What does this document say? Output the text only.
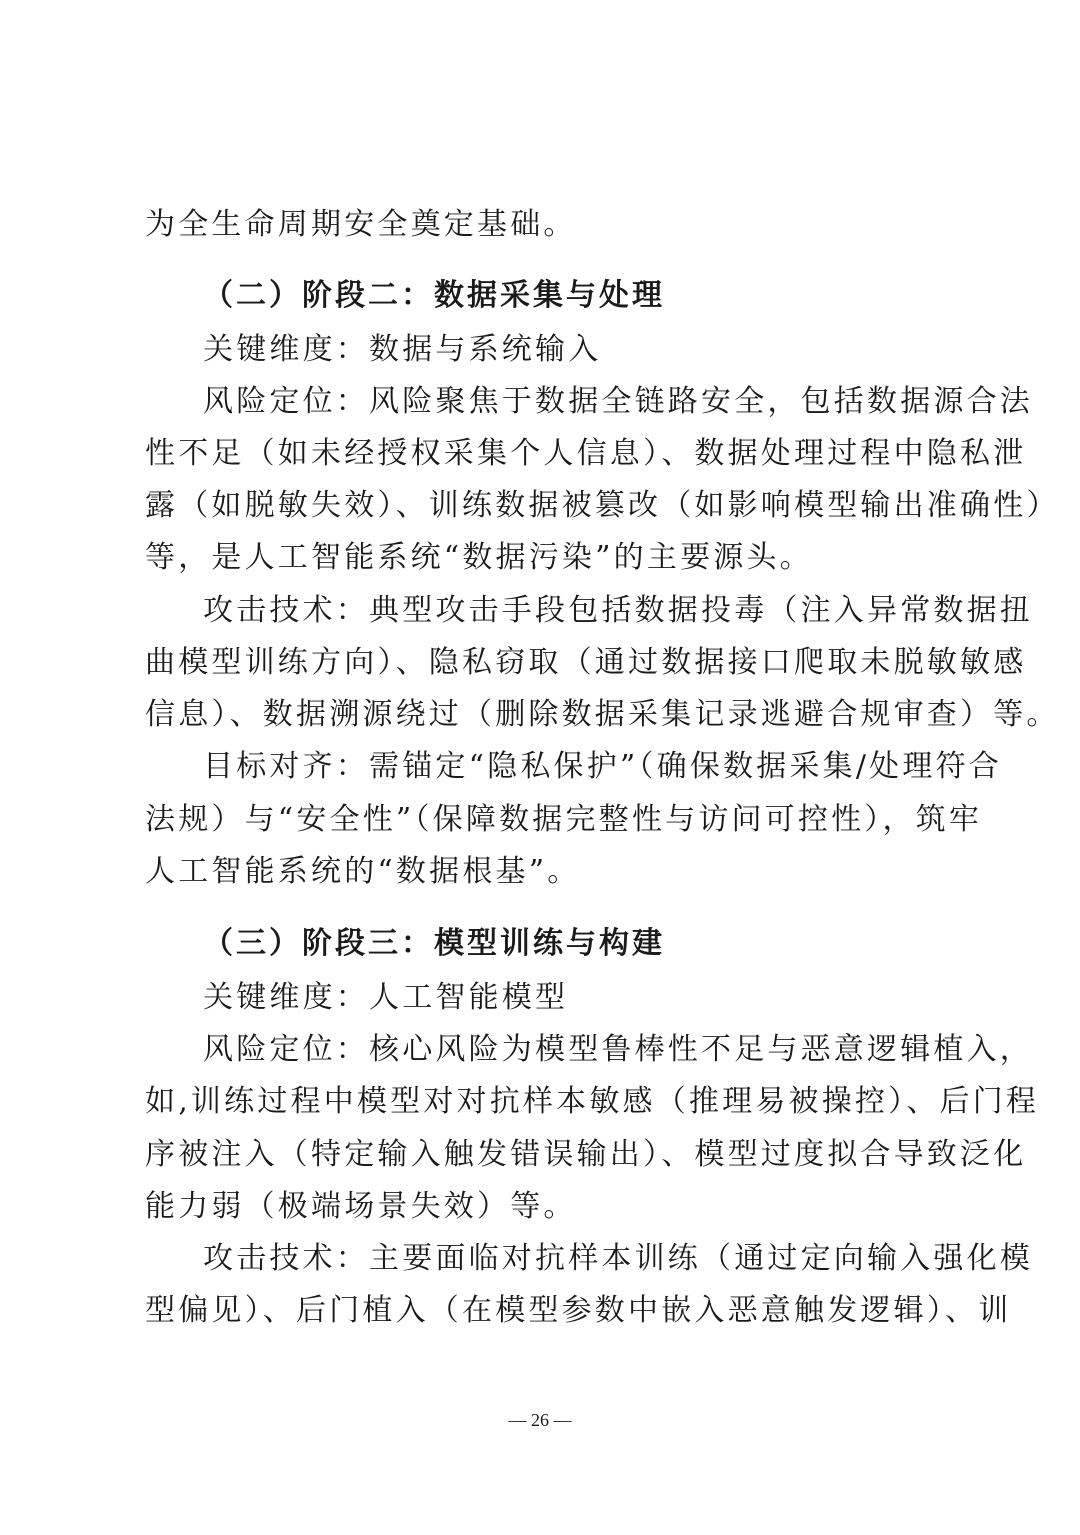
为全生命周期安全奠定基础。
（二）阶段二：数据采集与处理
关键维度：数据与系统输入
风险定位：风险聚焦于数据全链路安全，包括数据源合法
性不足（如未经授权采集个人信息）、数据处理过程中隐私泄
露（如脱敏失效）、训练数据被篡改（如影响模型输出准确性）
等，是人工智能系统“数据污染”的主要源头。
攻击技术：典型攻击手段包括数据投毒（注入异常数据扭
曲模型训练方向）、隐私窃取（通过数据接口爬取未脱敏敏感
信息）、数据溯源绕过（删除数据采集记录逃避合规审查）等。
目标对齐：需锚定“隐私保护”（确保数据采集/处理符合
法规）与“安全性”（保障数据完整性与访问可控性），筑牢
人工智能系统的“数据根基”。
（三）阶段三：模型训练与构建
关键维度：人工智能模型
风险定位：核心风险为模型鲁棒性不足与恶意逻辑植入，
如,训练过程中模型对对抗样本敏感（推理易被操控）、后门程
序被注入（特定输入触发错误输出）、模型过度拟合导致泛化
能力弱（极端场景失效）等。
攻击技术：主要面临对抗样本训练（通过定向输入强化模
型偏见）、后门植入（在模型参数中嵌入恶意触发逻辑）、训
— 26 —
